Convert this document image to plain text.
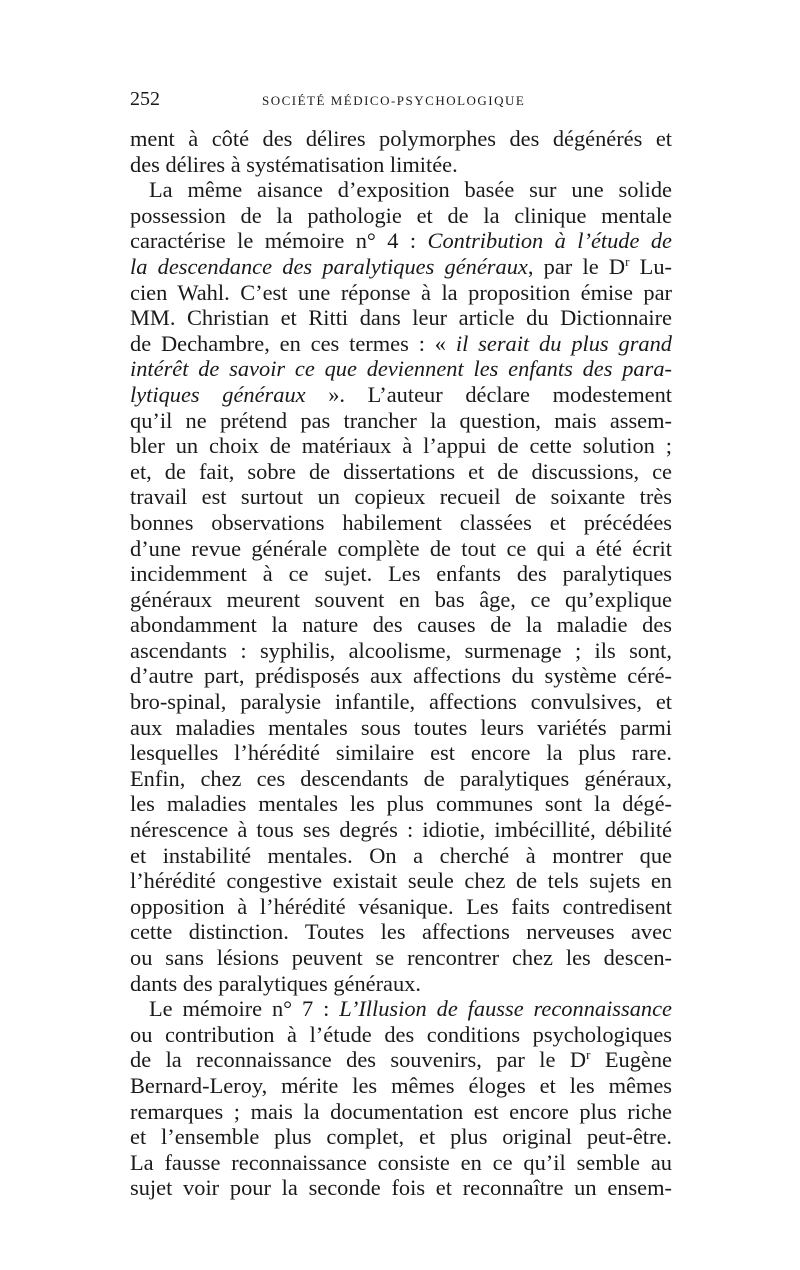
252	SOCIÉTÉ MÉDICO-PSYCHOLOGIQUE
ment à côté des délires polymorphes des dégénérés et
des délires à systématisation limitée.
La même aisance d’exposition basée sur une solide
possession de la pathologie et de la clinique mentale
caractérise le mémoire n° 4 : Contribution à l’étude de
la descendance des paralytiques généraux, par le $D^r$ Lu-
cien Wahl. C’est une réponse à la proposition émise par
MM. Christian et Ritti dans leur article du Dictionnaire
de Dechambre, en ces termes : « il serait du plus grand
intérêt de savoir ce que deviennent les enfants des para-
lytiques généraux ». L’auteur déclare modestement
qu’il ne prétend pas trancher la question, mais assem-
bler un choix de matériaux à l’appui de cette solution ;
et, de fait, sobre de dissertations et de discussions, ce
travail est surtout un copieux recueil de soixante très
bonnes observations habilement classées et précédées
d’une revue générale complète de tout ce qui a été écrit
incidemment à ce sujet. Les enfants des paralytiques
généraux meurent souvent en bas âge, ce qu’explique
abondamment la nature des causes de la maladie des
ascendants : syphilis, alcoolisme, surmenage ; ils sont,
d’autre part, prédisposés aux affections du système céré-
bro-spinal, paralysie infantile, affections convulsives, et
aux maladies mentales sous toutes leurs variétés parmi
lesquelles l’hérédité similaire est encore la plus rare.
Enfin, chez ces descendants de paralytiques généraux,
les maladies mentales les plus communes sont la dégé-
nérescence à tous ses degrés : idiotie, imbécillité, débilité
et instabilité mentales. On a cherché à montrer que
l’hérédité congestive existait seule chez de tels sujets en
opposition à l’hérédité vésanique. Les faits contredisent
cette distinction. Toutes les affections nerveuses avec
ou sans lésions peuvent se rencontrer chez les descen-
dants des paralytiques généraux.
Le mémoire n° 7 : L’Illusion de fausse reconnaissance
ou contribution à l’étude des conditions psychologiques
de la reconnaissance des souvenirs, par le $D^r$ Eugène
Bernard-Leroy, mérite les mêmes éloges et les mêmes
remarques ; mais la documentation est encore plus riche
et l’ensemble plus complet, et plus original peut-être.
La fausse reconnaissance consiste en ce qu’il semble au
sujet voir pour la seconde fois et reconnaître un ensem-
